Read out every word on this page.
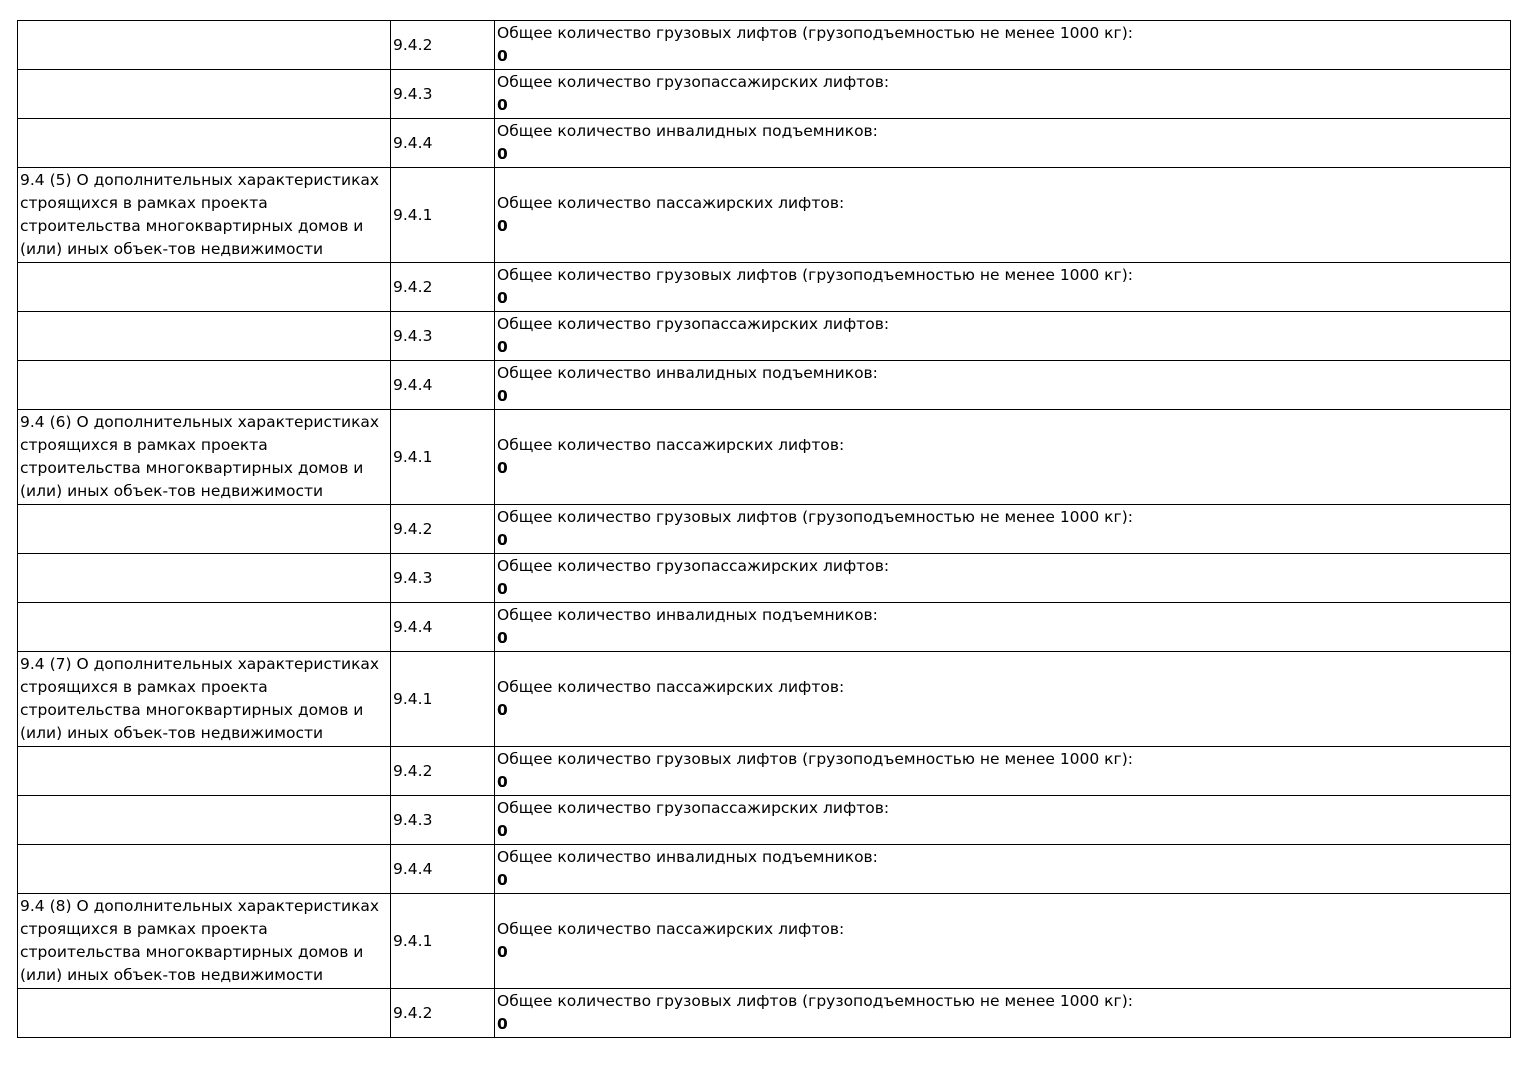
	9.4.2	Общее количество грузовых лифтов (грузоподъемностью не менее 1000 кг):
0

	9.4.3	Общее количество грузопассажирских лифтов:
0

	9.4.4	Общее количество инвалидных подъемников:
0

9.4 (5) О дополнительных характеристиках строящихся в рамках проекта строительства многоквартирных домов и (или) иных объек-тов недвижимости	9.4.1	Общее количество пассажирских лифтов:
0

	9.4.2	Общее количество грузовых лифтов (грузоподъемностью не менее 1000 кг):
0

	9.4.3	Общее количество грузопассажирских лифтов:
0

	9.4.4	Общее количество инвалидных подъемников:
0

9.4 (6) О дополнительных характеристиках строящихся в рамках проекта строительства многоквартирных домов и (или) иных объек-тов недвижимости	9.4.1	Общее количество пассажирских лифтов:
0

	9.4.2	Общее количество грузовых лифтов (грузоподъемностью не менее 1000 кг):
0

	9.4.3	Общее количество грузопассажирских лифтов:
0

	9.4.4	Общее количество инвалидных подъемников:
0

9.4 (7) О дополнительных характеристиках строящихся в рамках проекта строительства многоквартирных домов и (или) иных объек-тов недвижимости	9.4.1	Общее количество пассажирских лифтов:
0

	9.4.2	Общее количество грузовых лифтов (грузоподъемностью не менее 1000 кг):
0

	9.4.3	Общее количество грузопассажирских лифтов:
0

	9.4.4	Общее количество инвалидных подъемников:
0

9.4 (8) О дополнительных характеристиках строящихся в рамках проекта строительства многоквартирных домов и (или) иных объек-тов недвижимости	9.4.1	Общее количество пассажирских лифтов:
0

	9.4.2	Общее количество грузовых лифтов (грузоподъемностью не менее 1000 кг):
0
